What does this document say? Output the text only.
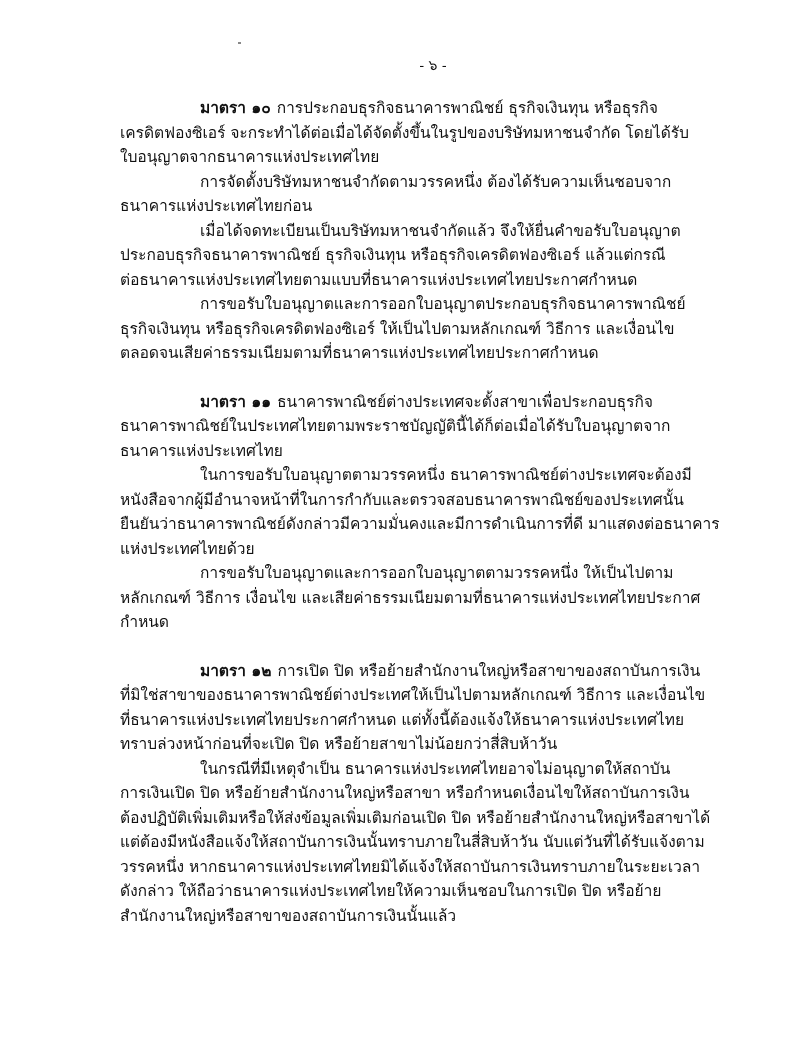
- ๖ -
มาตรา ๑๐ การประกอบธุรกิจธนาคารพาณิชย์ ธุรกิจเงินทุน หรือธุรกิจ
เครดิตฟองซิเอร์ จะกระทำได้ต่อเมื่อได้จัดตั้งขึ้นในรูปของบริษัทมหาชนจำกัด โดยได้รับ
ใบอนุญาตจากธนาคารแห่งประเทศไทย
การจัดตั้งบริษัทมหาชนจำกัดตามวรรคหนึ่ง ต้องได้รับความเห็นชอบจาก
ธนาคารแห่งประเทศไทยก่อน
เมื่อได้จดทะเบียนเป็นบริษัทมหาชนจำกัดแล้ว จึงให้ยื่นคำขอรับใบอนุญาต
ประกอบธุรกิจธนาคารพาณิชย์ ธุรกิจเงินทุน หรือธุรกิจเครดิตฟองซิเอร์ แล้วแต่กรณี
ต่อธนาคารแห่งประเทศไทยตามแบบที่ธนาคารแห่งประเทศไทยประกาศกำหนด
การขอรับใบอนุญาตและการออกใบอนุญาตประกอบธุรกิจธนาคารพาณิชย์
ธุรกิจเงินทุน หรือธุรกิจเครดิตฟองซิเอร์ ให้เป็นไปตามหลักเกณฑ์ วิธีการ และเงื่อนไข
ตลอดจนเสียค่าธรรมเนียมตามที่ธนาคารแห่งประเทศไทยประกาศกำหนด
มาตรา ๑๑ ธนาคารพาณิชย์ต่างประเทศจะตั้งสาขาเพื่อประกอบธุรกิจ
ธนาคารพาณิชย์ในประเทศไทยตามพระราชบัญญัตินี้ได้ก็ต่อเมื่อได้รับใบอนุญาตจาก
ธนาคารแห่งประเทศไทย
ในการขอรับใบอนุญาตตามวรรคหนึ่ง ธนาคารพาณิชย์ต่างประเทศจะต้องมี
หนังสือจากผู้มีอำนาจหน้าที่ในการกำกับและตรวจสอบธนาคารพาณิชย์ของประเทศนั้น
ยืนยันว่าธนาคารพาณิชย์ดังกล่าวมีความมั่นคงและมีการดำเนินการที่ดี มาแสดงต่อธนาคาร
แห่งประเทศไทยด้วย
การขอรับใบอนุญาตและการออกใบอนุญาตตามวรรคหนึ่ง ให้เป็นไปตาม
หลักเกณฑ์ วิธีการ เงื่อนไข และเสียค่าธรรมเนียมตามที่ธนาคารแห่งประเทศไทยประกาศ
กำหนด
มาตรา ๑๒ การเปิด ปิด หรือย้ายสำนักงานใหญ่หรือสาขาของสถาบันการเงิน
ที่มิใช่สาขาของธนาคารพาณิชย์ต่างประเทศให้เป็นไปตามหลักเกณฑ์ วิธีการ และเงื่อนไข
ที่ธนาคารแห่งประเทศไทยประกาศกำหนด แต่ทั้งนี้ต้องแจ้งให้ธนาคารแห่งประเทศไทย
ทราบล่วงหน้าก่อนที่จะเปิด ปิด หรือย้ายสาขาไม่น้อยกว่าสี่สิบห้าวัน
ในกรณีที่มีเหตุจำเป็น ธนาคารแห่งประเทศไทยอาจไม่อนุญาตให้สถาบัน
การเงินเปิด ปิด หรือย้ายสำนักงานใหญ่หรือสาขา หรือกำหนดเงื่อนไขให้สถาบันการเงิน
ต้องปฏิบัติเพิ่มเติมหรือให้ส่งข้อมูลเพิ่มเติมก่อนเปิด ปิด หรือย้ายสำนักงานใหญ่หรือสาขาได้
แต่ต้องมีหนังสือแจ้งให้สถาบันการเงินนั้นทราบภายในสี่สิบห้าวัน นับแต่วันที่ได้รับแจ้งตาม
วรรคหนึ่ง หากธนาคารแห่งประเทศไทยมิได้แจ้งให้สถาบันการเงินทราบภายในระยะเวลา
ดังกล่าว ให้ถือว่าธนาคารแห่งประเทศไทยให้ความเห็นชอบในการเปิด ปิด หรือย้าย
สำนักงานใหญ่หรือสาขาของสถาบันการเงินนั้นแล้ว
